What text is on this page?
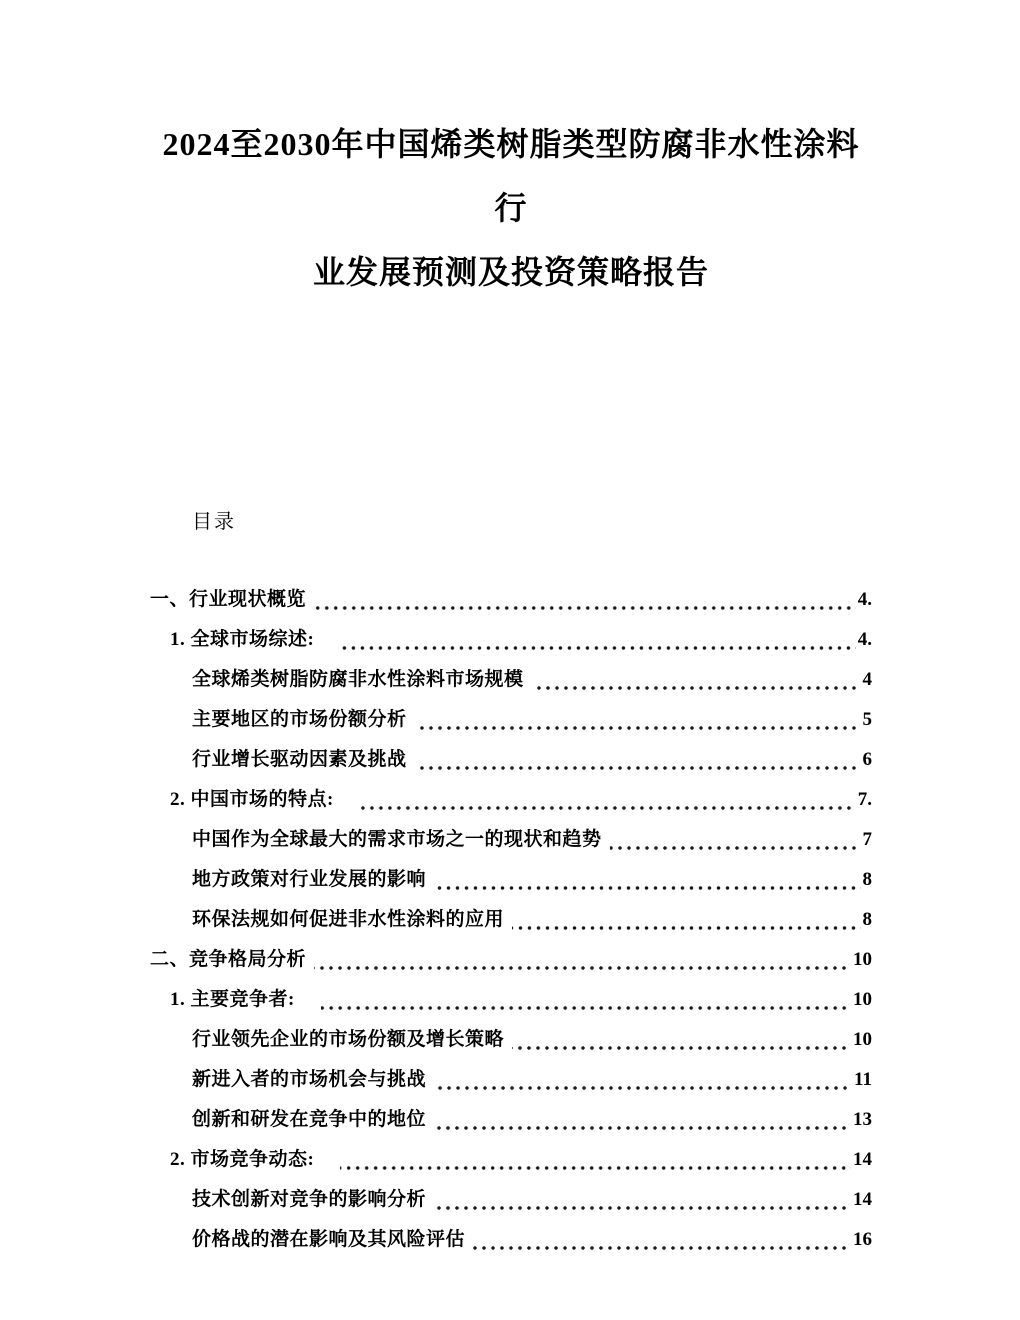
2024至2030年中国烯类树脂类型防腐非水性涂料行
业发展预测及投资策略报告
目录
一、行业现状概览	4.
1. 全球市场综述:	4.
全球烯类树脂防腐非水性涂料市场规模	4
主要地区的市场份额分析	5
行业增长驱动因素及挑战	6
2. 中国市场的特点:	7.
中国作为全球最大的需求市场之一的现状和趋势	7
地方政策对行业发展的影响	8
环保法规如何促进非水性涂料的应用	8
二、竞争格局分析	10
1. 主要竞争者:	10
行业领先企业的市场份额及增长策略	10
新进入者的市场机会与挑战	11
创新和研发在竞争中的地位	13
2. 市场竞争动态:	14
技术创新对竞争的影响分析	14
价格战的潜在影响及其风险评估	16
